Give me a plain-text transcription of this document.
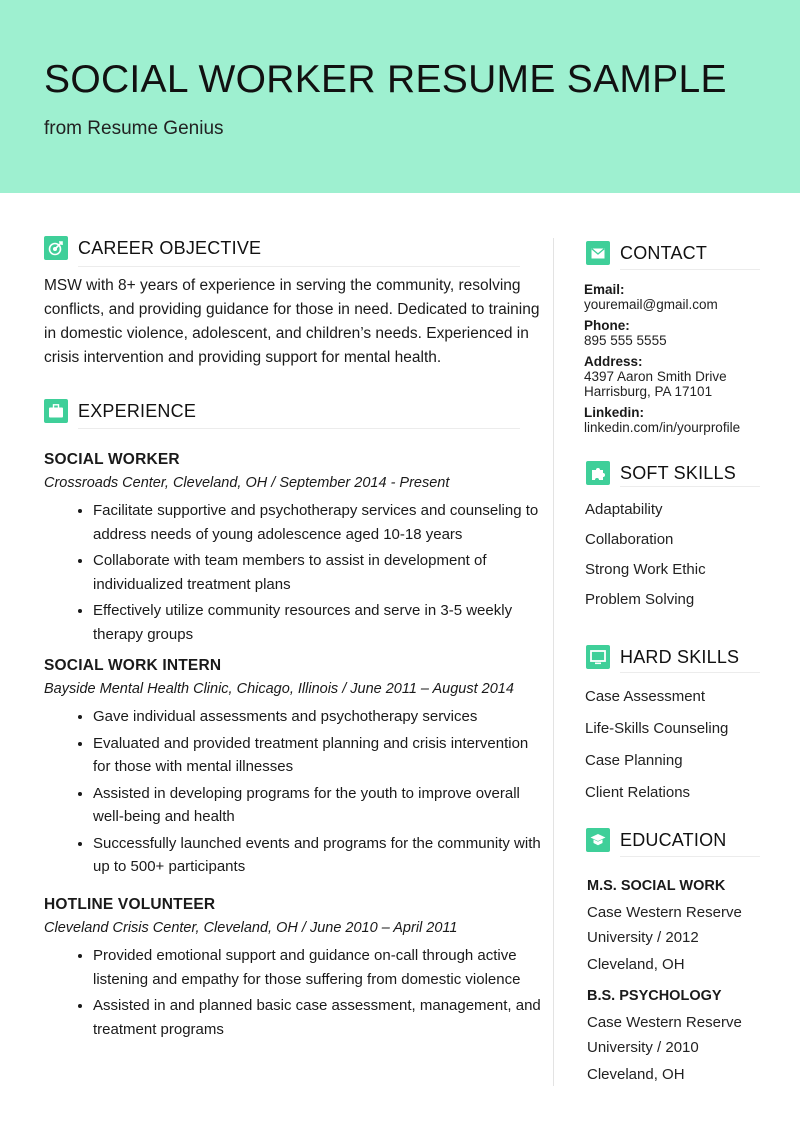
SOCIAL WORKER RESUME SAMPLE
from Resume Genius
CAREER OBJECTIVE

MSW with 8+ years of experience in serving the community, resolving conflicts, and providing guidance for those in need. Dedicated to training in domestic violence, adolescent, and children’s needs. Experienced in crisis intervention and providing support for mental health.

EXPERIENCE
SOCIAL WORKER
Crossroads Center, Cleveland, OH / September 2014 - Present
• Facilitate supportive and psychotherapy services and counseling to address needs of young adolescence aged 10-18 years
• Collaborate with team members to assist in development of individualized treatment plans
• Effectively utilize community resources and serve in 3-5 weekly therapy groups
SOCIAL WORK INTERN
Bayside Mental Health Clinic, Chicago, Illinois / June 2011 – August 2014
• Gave individual assessments and psychotherapy services
• Evaluated and provided treatment planning and crisis intervention for those with mental illnesses
• Assisted in developing programs for the youth to improve overall well-being and health
• Successfully launched events and programs for the community with up to 500+ participants
HOTLINE VOLUNTEER
Cleveland Crisis Center, Cleveland, OH / June 2010 – April 2011
• Provided emotional support and guidance on-call through active listening and empathy for those suffering from domestic violence
• Assisted in and planned basic case assessment, management, and treatment programs
CONTACT
Email:
youremail@gmail.com
Phone:
895 555 5555
Address:
4397 Aaron Smith Drive
Harrisburg, PA 17101
Linkedin:
linkedin.com/in/yourprofile
SOFT SKILLS
Adaptability
Collaboration
Strong Work Ethic
Problem Solving
HARD SKILLS
Case Assessment
Life-Skills Counseling
Case Planning
Client Relations
EDUCATION
M.S. SOCIAL WORK
Case Western Reserve
University / 2012
Cleveland, OH
B.S. PSYCHOLOGY
Case Western Reserve
University / 2010
Cleveland, OH
